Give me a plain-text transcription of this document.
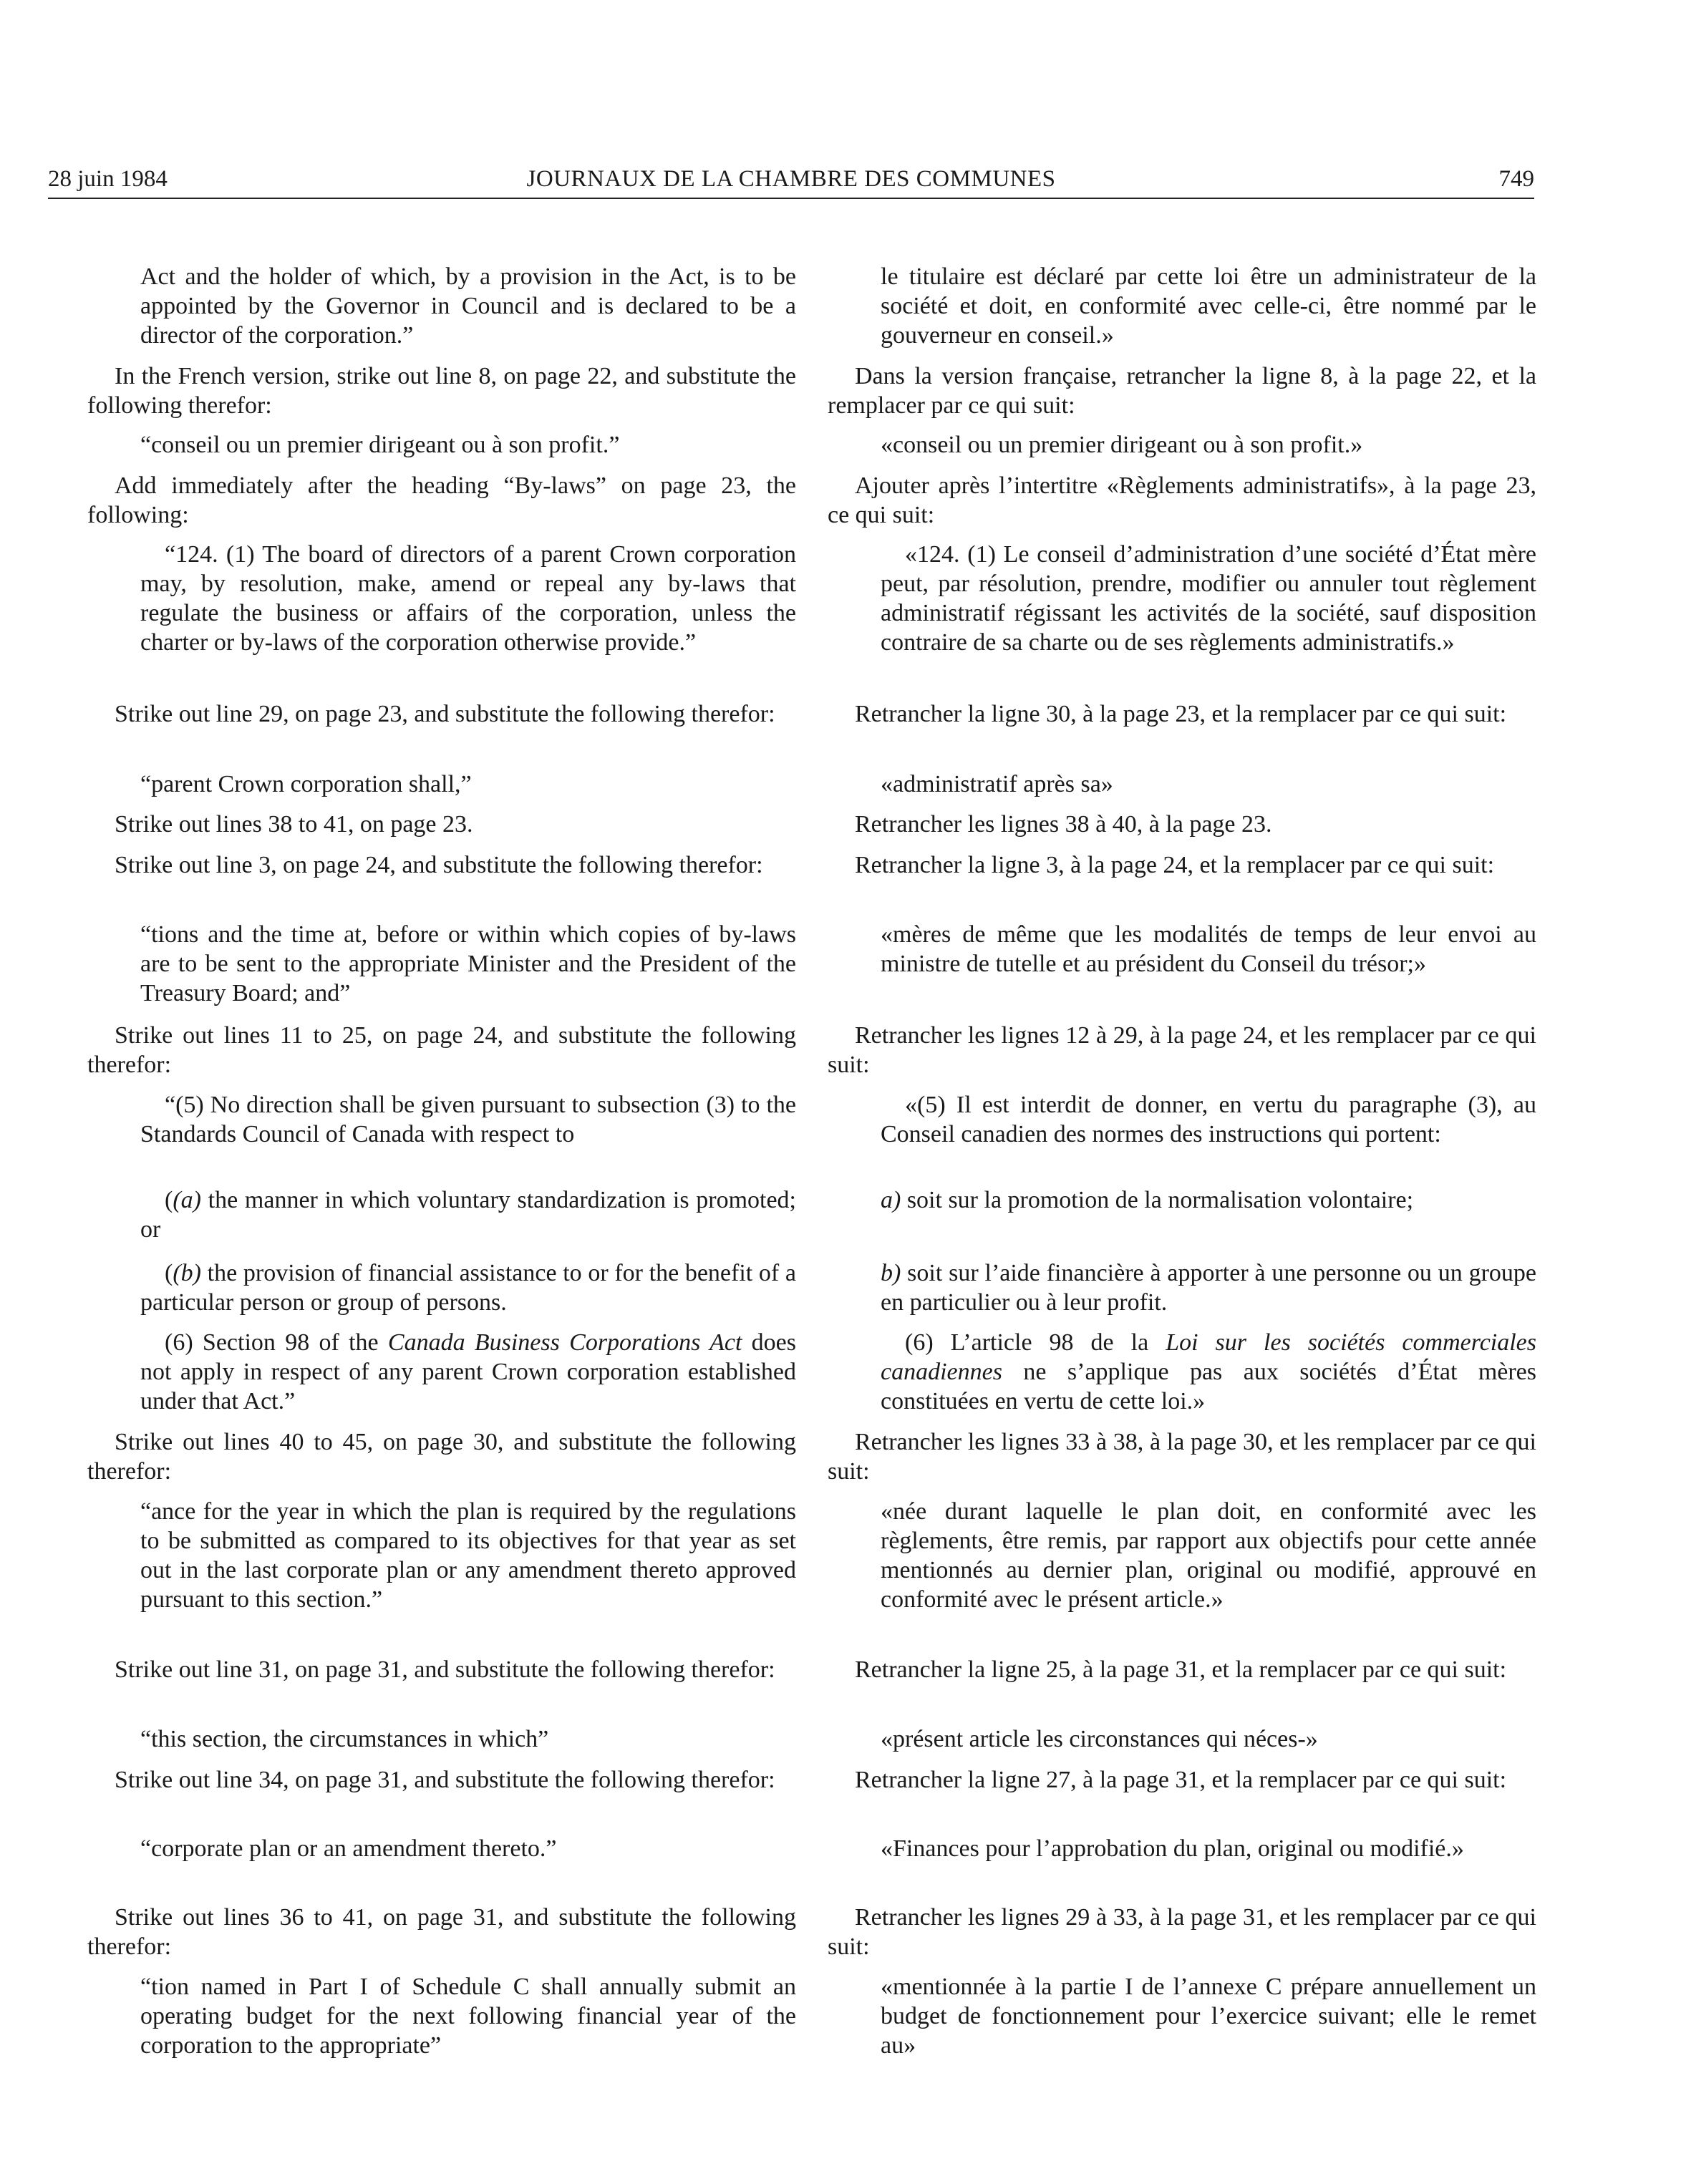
JOURNAUX DE LA CHAMBRE DES COMMUNES
28 juin 1984	749

Act and the holder of which, by a provision in the Act, is to be appointed by the Governor in Council and is declared to be a director of the corporation.”

In the French version, strike out line 8, on page 22, and substitute the following therefor:

“conseil ou un premier dirigeant ou à son profit.”

Add immediately after the heading “By-laws” on page 23, the following:

“124. (1) The board of directors of a parent Crown corporation may, by resolution, make, amend or repeal any by-laws that regulate the business or affairs of the corporation, unless the charter or by-laws of the corporation otherwise provide.”

Strike out line 29, on page 23, and substitute the following therefor:

“parent Crown corporation shall,”

Strike out lines 38 to 41, on page 23.

Strike out line 3, on page 24, and substitute the following therefor:

“tions and the time at, before or within which copies of by-laws are to be sent to the appropriate Minister and the President of the Treasury Board; and”

Strike out lines 11 to 25, on page 24, and substitute the following therefor:

“(5) No direction shall be given pursuant to subsection (3) to the Standards Council of Canada with respect to

((a) the manner in which voluntary standardization is promoted; or

((b) the provision of financial assistance to or for the benefit of a particular person or group of persons.

(6) Section 98 of the Canada Business Corporations Act does not apply in respect of any parent Crown corporation established under that Act.”

Strike out lines 40 to 45, on page 30, and substitute the following therefor:

“ance for the year in which the plan is required by the regulations to be submitted as compared to its objectives for that year as set out in the last corporate plan or any amendment thereto approved pursuant to this section.”

Strike out line 31, on page 31, and substitute the following therefor:

“this section, the circumstances in which”

Strike out line 34, on page 31, and substitute the following therefor:

“corporate plan or an amendment thereto.”

Strike out lines 36 to 41, on page 31, and substitute the following therefor:

“tion named in Part I of Schedule C shall annually submit an operating budget for the next following financial year of the corporation to the appropriate”

le titulaire est déclaré par cette loi être un administrateur de la société et doit, en conformité avec celle-ci, être nommé par le gouverneur en conseil.»

Dans la version française, retrancher la ligne 8, à la page 22, et la remplacer par ce qui suit:

«conseil ou un premier dirigeant ou à son profit.»

Ajouter après l’intertitre «Règlements administratifs», à la page 23, ce qui suit:

«124. (1) Le conseil d’administration d’une société d’État mère peut, par résolution, prendre, modifier ou annuler tout règlement administratif régissant les activités de la société, sauf disposition contraire de sa charte ou de ses règlements administratifs.»

Retrancher la ligne 30, à la page 23, et la remplacer par ce qui suit:

«administratif après sa»

Retrancher les lignes 38 à 40, à la page 23.

Retrancher la ligne 3, à la page 24, et la remplacer par ce qui suit:

«mères de même que les modalités de temps de leur envoi au ministre de tutelle et au président du Conseil du trésor;»

Retrancher les lignes 12 à 29, à la page 24, et les remplacer par ce qui suit:

«(5) Il est interdit de donner, en vertu du paragraphe (3), au Conseil canadien des normes des instructions qui portent:

a) soit sur la promotion de la normalisation volontaire;

b) soit sur l’aide financière à apporter à une personne ou un groupe en particulier ou à leur profit.

(6) L’article 98 de la Loi sur les sociétés commerciales canadiennes ne s’applique pas aux sociétés d’État mères constituées en vertu de cette loi.»

Retrancher les lignes 33 à 38, à la page 30, et les remplacer par ce qui suit:

«née durant laquelle le plan doit, en conformité avec les règlements, être remis, par rapport aux objectifs pour cette année mentionnés au dernier plan, original ou modifié, approuvé en conformité avec le présent article.»

Retrancher la ligne 25, à la page 31, et la remplacer par ce qui suit:

«présent article les circonstances qui néces-»

Retrancher la ligne 27, à la page 31, et la remplacer par ce qui suit:

«Finances pour l’approbation du plan, original ou modifié.»

Retrancher les lignes 29 à 33, à la page 31, et les remplacer par ce qui suit:

«mentionnée à la partie I de l’annexe C prépare annuellement un budget de fonctionnement pour l’exercice suivant; elle le remet au»
